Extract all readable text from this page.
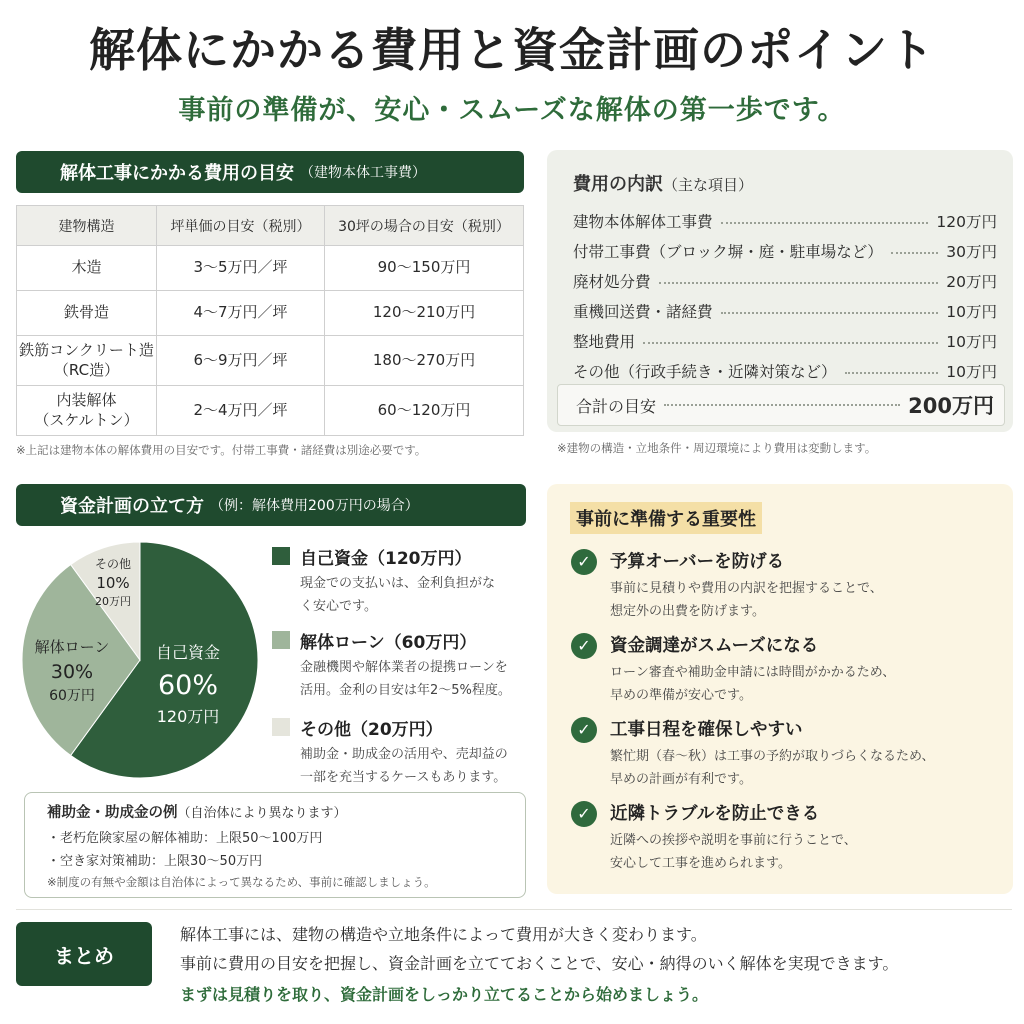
解体にかかる費用と資金計画のポイント
事前の準備が、安心・スムーズな解体の第一歩です。
解体工事にかかる費用の目安 （建物本体工事費）
建物構造	坪単価の目安（税別）	30坪の場合の目安（税別）
木造	3〜5万円／坪	90〜150万円
鉄骨造	4〜7万円／坪	120〜210万円
鉄筋コンクリート造
（RC造）	6〜9万円／坪	180〜270万円
内装解体
（スケルトン）	2〜4万円／坪	60〜120万円
※上記は建物本体の解体費用の目安です。付帯工事費・諸経費は別途必要です。
費用の内訳（主な項目）
建物本体解体工事費	120万円
付帯工事費（ブロック塀・庭・駐車場など）	30万円
廃材処分費	20万円
重機回送費・諸経費	10万円
整地費用	10万円
その他（行政手続き・近隣対策など）	10万円
合計の目安	200万円
※建物の構造・立地条件・周辺環境により費用は変動します。
資金計画の立て方 （例：解体費用200万円の場合）
自己資金
60%
120万円
解体ローン
30%
60万円
その他
10%
20万円
自己資金（120万円）
現金での支払いは、金利負担がな
く安心です。
解体ローン（60万円）
金融機関や解体業者の提携ローンを
活用。金利の目安は年2〜5%程度。
その他（20万円）
補助金・助成金の活用や、売却益の
一部を充当するケースもあります。
補助金・助成金の例（自治体により異なります）
・老朽危険家屋の解体補助：上限50〜100万円
・空き家対策補助：上限30〜50万円
※制度の有無や金額は自治体によって異なるため、事前に確認しましょう。
事前に準備する重要性
✓	予算オーバーを防げる
事前に見積りや費用の内訳を把握することで、
想定外の出費を防げます。
✓	資金調達がスムーズになる
ローン審査や補助金申請には時間がかかるため、
早めの準備が安心です。
✓	工事日程を確保しやすい
繁忙期（春〜秋）は工事の予約が取りづらくなるため、
早めの計画が有利です。
✓	近隣トラブルを防止できる
近隣への挨拶や説明を事前に行うことで、
安心して工事を進められます。
まとめ
解体工事には、建物の構造や立地条件によって費用が大きく変わります。
事前に費用の目安を把握し、資金計画を立てておくことで、安心・納得のいく解体を実現できます。
まずは見積りを取り、資金計画をしっかり立てることから始めましょう。
